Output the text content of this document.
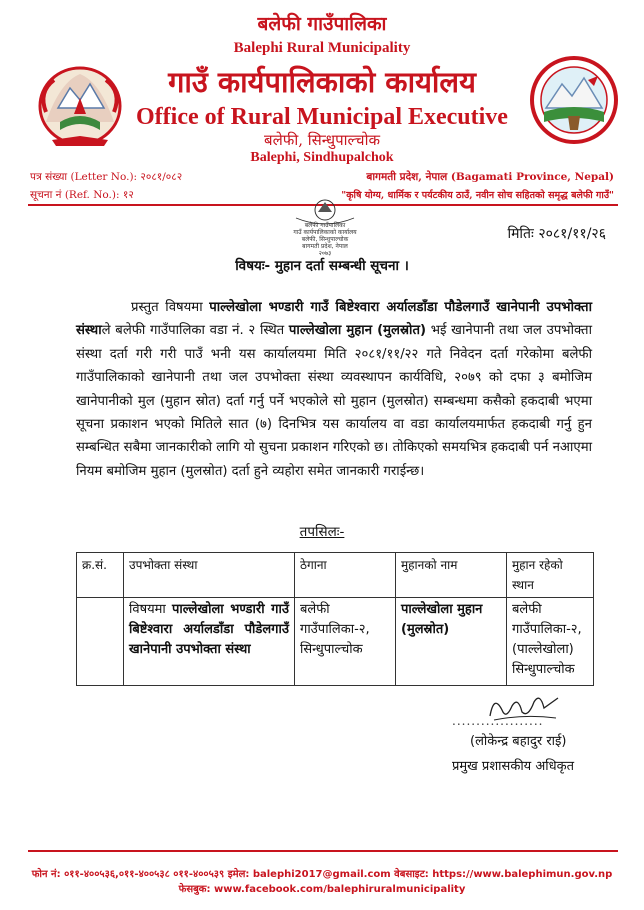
बलेफी गाउँपालिका
Balephi Rural Municipality
गाउँ कार्यपालिकाको कार्यालय
Office of Rural Municipal Executive
बलेफी, सिन्धुपाल्चोक
Balephi, Sindhupalchok
पत्र संख्या (Letter No.): २०८१/०८२	बागमती प्रदेश, नेपाल (Bagamati Province, Nepal)
सूचना नं (Ref. No.): १२	"कृषि योग्य, धार्मिक र पर्यटकीय ठाउँ, नवीन सोच सहितको समृद्ध बलेफी गाउँ"
बलेफी गाउँपालिका
गाउँ कार्यपालिकाको कार्यालय
बलेफी, सिन्धुपाल्चोक
बागमती प्रदेश, नेपाल
२०७३
मितिः २०८१/११/२६
विषयः- मुहान दर्ता सम्बन्धी सूचना ।

प्रस्तुत विषयमा पाल्लेखोला भण्डारी गाउँ बिष्टेश्वारा अर्यालडाँडा पौडेलगाउँ खानेपानी उपभोक्ता संस्थाले बलेफी गाउँपालिका वडा नं. २ स्थित पाल्लेखोला मुहान (मुलस्रोत) भई खानेपानी तथा जल उपभोक्ता संस्था दर्ता गरी गरी पाउँ भनी यस कार्यालयमा मिति २०८१/११/२२ गते निवेदन दर्ता गरेकोमा बलेफी गाउँपालिकाको खानेपानी तथा जल उपभोक्ता संस्था व्यवस्थापन कार्यविधि, २०७९ को दफा ३ बमोजिम खानेपानीको मुल (मुहान स्रोत) दर्ता गर्नु पर्ने भएकोले सो मुहान (मुलस्रोत) सम्बन्धमा कसैको हकदाबी भएमा सूचना प्रकाशन भएको मितिले सात (७) दिनभित्र यस कार्यालय वा वडा कार्यालयमार्फत हकदाबी गर्नु हुन सम्बन्धित सबैमा जानकारीको लागि यो सुचना प्रकाशन गरिएको छ। तोकिएको समयभित्र हकदाबी पर्न नआएमा नियम बमोजिम मुहान (मुलस्रोत) दर्ता हुने व्यहोरा समेत जानकारी गराईन्छ।

तपसिलः-
क्र.सं.	उपभोक्ता संस्था	ठेगाना	मुहानको नाम	मुहान रहेको स्थान
	विषयमा पाल्लेखोला भण्डारी गाउँ बिष्टेश्वारा अर्यालडाँडा पौडेलगाउँ खानेपानी उपभोक्ता संस्था	बलेफी गाउँपालिका-२, सिन्धुपाल्चोक	पाल्लेखोला मुहान (मुलस्रोत)	बलेफी गाउँपालिका-२, (पाल्लेखोला) सिन्धुपाल्चोक
...................
(लोकेन्द्र बहादुर राई)
प्रमुख प्रशासकीय अधिकृत
फोन नं: ०११-४००५३६,०११-४००५३८ ०११-४००५३९ इमेल: balephi2017@gmail.com वेबसाइट: https://www.balephimun.gov.np
फेसबुक: www.facebook.com/balephiruralmunicipality
